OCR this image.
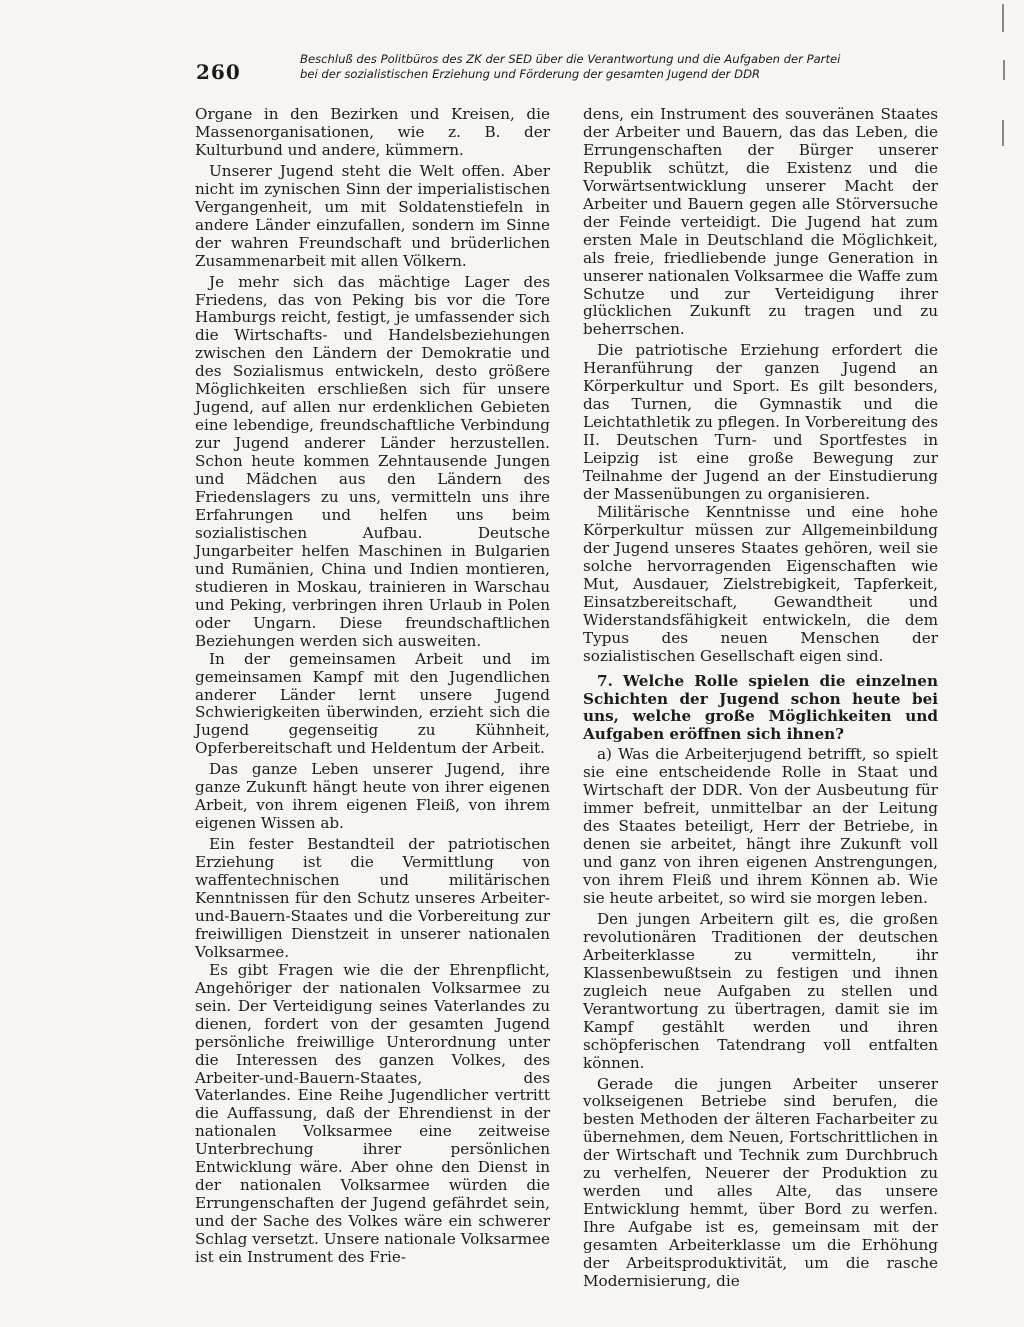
260
Beschluß des Politbüros des ZK der SED über die Verantwortung und die Aufgaben der Partei
bei der sozialistischen Erziehung und Förderung der gesamten Jugend der DDR

Organe in den Bezirken und Kreisen, die Massenorganisationen, wie z. B. der Kulturbund und andere, kümmern.

Unserer Jugend steht die Welt offen. Aber nicht im zynischen Sinn der imperialistischen Vergangenheit, um mit Soldatenstiefeln in andere Länder einzufallen, sondern im Sinne der wahren Freundschaft und brüderlichen Zusammenarbeit mit allen Völkern.

Je mehr sich das mächtige Lager des Friedens, das von Peking bis vor die Tore Hamburgs reicht, festigt, je umfassender sich die Wirtschafts- und Handelsbeziehungen zwischen den Ländern der Demokratie und des Sozialismus entwickeln, desto größere Möglichkeiten erschließen sich für unsere Jugend, auf allen nur erdenklichen Gebieten eine lebendige, freundschaftliche Verbindung zur Jugend anderer Länder herzustellen. Schon heute kommen Zehntausende Jungen und Mädchen aus den Ländern des Friedenslagers zu uns, vermitteln uns ihre Erfahrungen und helfen uns beim sozialistischen Aufbau. Deutsche Jungarbeiter helfen Maschinen in Bulgarien und Rumänien, China und Indien montieren, studieren in Moskau, trainieren in Warschau und Peking, verbringen ihren Urlaub in Polen oder Ungarn. Diese freundschaftlichen Beziehungen werden sich ausweiten.

In der gemeinsamen Arbeit und im gemeinsamen Kampf mit den Jugendlichen anderer Länder lernt unsere Jugend Schwierigkeiten überwinden, erzieht sich die Jugend gegenseitig zu Kühnheit, Opferbereitschaft und Heldentum der Arbeit.

Das ganze Leben unserer Jugend, ihre ganze Zukunft hängt heute von ihrer eigenen Arbeit, von ihrem eigenen Fleiß, von ihrem eigenen Wissen ab.

Ein fester Bestandteil der patriotischen Erziehung ist die Vermittlung von waffentechnischen und militärischen Kenntnissen für den Schutz unseres Arbeiter-und-Bauern-Staates und die Vorbereitung zur freiwilligen Dienstzeit in unserer nationalen Volksarmee.

Es gibt Fragen wie die der Ehrenpflicht, Angehöriger der nationalen Volksarmee zu sein. Der Verteidigung seines Vaterlandes zu dienen, fordert von der gesamten Jugend persönliche freiwillige Unterordnung unter die Interessen des ganzen Volkes, des Arbeiter-und-Bauern-Staates, des Vaterlandes. Eine Reihe Jugendlicher vertritt die Auffassung, daß der Ehrendienst in der nationalen Volksarmee eine zeitweise Unterbrechung ihrer persönlichen Entwicklung wäre. Aber ohne den Dienst in der nationalen Volksarmee würden die Errungenschaften der Jugend gefährdet sein, und der Sache des Volkes wäre ein schwerer Schlag versetzt. Unsere nationale Volksarmee ist ein Instrument des Frie-

dens, ein Instrument des souveränen Staates der Arbeiter und Bauern, das das Leben, die Errungenschaften der Bürger unserer Republik schützt, die Existenz und die Vorwärtsentwicklung unserer Macht der Arbeiter und Bauern gegen alle Störversuche der Feinde verteidigt. Die Jugend hat zum ersten Male in Deutschland die Möglichkeit, als freie, friedliebende junge Generation in unserer nationalen Volksarmee die Waffe zum Schutze und zur Verteidigung ihrer glücklichen Zukunft zu tragen und zu beherrschen.

Die patriotische Erziehung erfordert die Heranführung der ganzen Jugend an Körperkultur und Sport. Es gilt besonders, das Turnen, die Gymnastik und die Leichtathletik zu pflegen. In Vorbereitung des II. Deutschen Turn- und Sportfestes in Leipzig ist eine große Bewegung zur Teilnahme der Jugend an der Einstudierung der Massenübungen zu organisieren.

Militärische Kenntnisse und eine hohe Körperkultur müssen zur Allgemeinbildung der Jugend unseres Staates gehören, weil sie solche hervorragenden Eigenschaften wie Mut, Ausdauer, Zielstrebigkeit, Tapferkeit, Einsatzbereitschaft, Gewandtheit und Widerstandsfähigkeit entwickeln, die dem Typus des neuen Menschen der sozialistischen Gesellschaft eigen sind.

7. Welche Rolle spielen die einzelnen Schichten der Jugend schon heute bei uns, welche große Möglichkeiten und Aufgaben eröffnen sich ihnen?

a) Was die Arbeiterjugend betrifft, so spielt sie eine entscheidende Rolle in Staat und Wirtschaft der DDR. Von der Ausbeutung für immer befreit, unmittelbar an der Leitung des Staates beteiligt, Herr der Betriebe, in denen sie arbeitet, hängt ihre Zukunft voll und ganz von ihren eigenen Anstrengungen, von ihrem Fleiß und ihrem Können ab. Wie sie heute arbeitet, so wird sie morgen leben.

Den jungen Arbeitern gilt es, die großen revolutionären Traditionen der deutschen Arbeiterklasse zu vermitteln, ihr Klassenbewußtsein zu festigen und ihnen zugleich neue Aufgaben zu stellen und Verantwortung zu übertragen, damit sie im Kampf gestählt werden und ihren schöpferischen Tatendrang voll entfalten können.

Gerade die jungen Arbeiter unserer volkseigenen Betriebe sind berufen, die besten Methoden der älteren Facharbeiter zu übernehmen, dem Neuen, Fortschrittlichen in der Wirtschaft und Technik zum Durchbruch zu verhelfen, Neuerer der Produktion zu werden und alles Alte, das unsere Entwicklung hemmt, über Bord zu werfen. Ihre Aufgabe ist es, gemeinsam mit der gesamten Arbeiterklasse um die Erhöhung der Arbeitsproduktivität, um die rasche Modernisierung, die
